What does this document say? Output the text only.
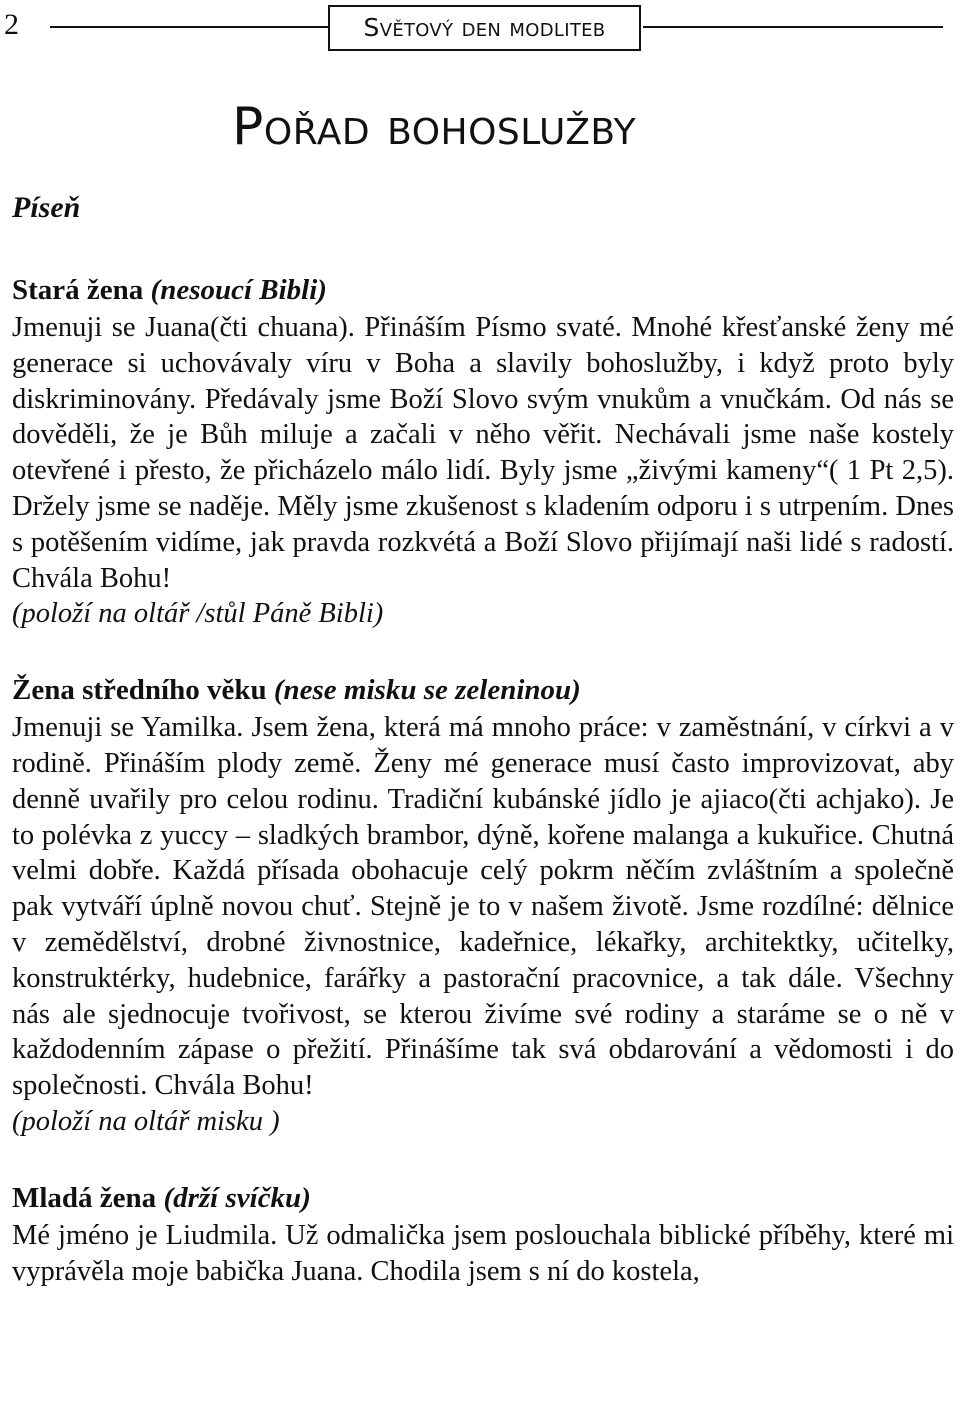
2	Světový den modliteb
Pořad bohoslužby
Píseň
Stará žena (nesoucí Bibli)

Jmenuji se Juana(čti chuana). Přináším Písmo svaté. Mnohé křesťanské ženy mé generace si uchovávaly víru v Boha a slavily bohoslužby, i když proto byly diskriminovány. Předávaly jsme Boží Slovo svým vnukům a vnučkám. Od nás se dověděli, že je Bůh miluje a začali v něho věřit. Nechávali jsme naše kostely otevřené i přesto, že přicházelo málo lidí. Byly jsme „živými kameny“( 1 Pt 2,5). Držely jsme se naděje. Měly jsme zkušenost s kladením odporu i s utrpením. Dnes s potěšením vidíme, jak pravda rozkvétá a Boží Slovo přijímají naši lidé s radostí. Chvála Bohu!

(položí na oltář /stůl Páně Bibli)
Žena středního věku (nese misku se zeleninou)

Jmenuji se Yamilka. Jsem žena, která má mnoho práce: v zaměstnání, v církvi a v rodině. Přináším plody země. Ženy mé generace musí často improvizovat, aby denně uvařily pro celou rodinu. Tradiční kubánské jídlo je ajiaco(čti achjako). Je to polévka z yuccy – sladkých brambor, dýně, kořene malanga a kukuřice. Chutná velmi dobře. Každá přísada obohacuje celý pokrm něčím zvláštním a společně pak vytváří úplně novou chuť. Stejně je to v našem životě. Jsme rozdílné: dělnice v zemědělství, drobné živnostnice, kadeřnice, lékařky, architektky, učitelky, konstruktérky, hudebnice, farářky a pastorační pracovnice, a tak dále. Všechny nás ale sjednocuje tvořivost, se kterou živíme své rodiny a staráme se o ně v každodenním zápase o přežití. Přinášíme tak svá obdarování a vědomosti i do společnosti. Chvála Bohu!

(položí na oltář misku )
Mladá žena (drží svíčku)

Mé jméno je Liudmila. Už odmalička jsem poslouchala biblické příběhy, které mi vyprávěla moje babička Juana. Chodila jsem s ní do kostela,
